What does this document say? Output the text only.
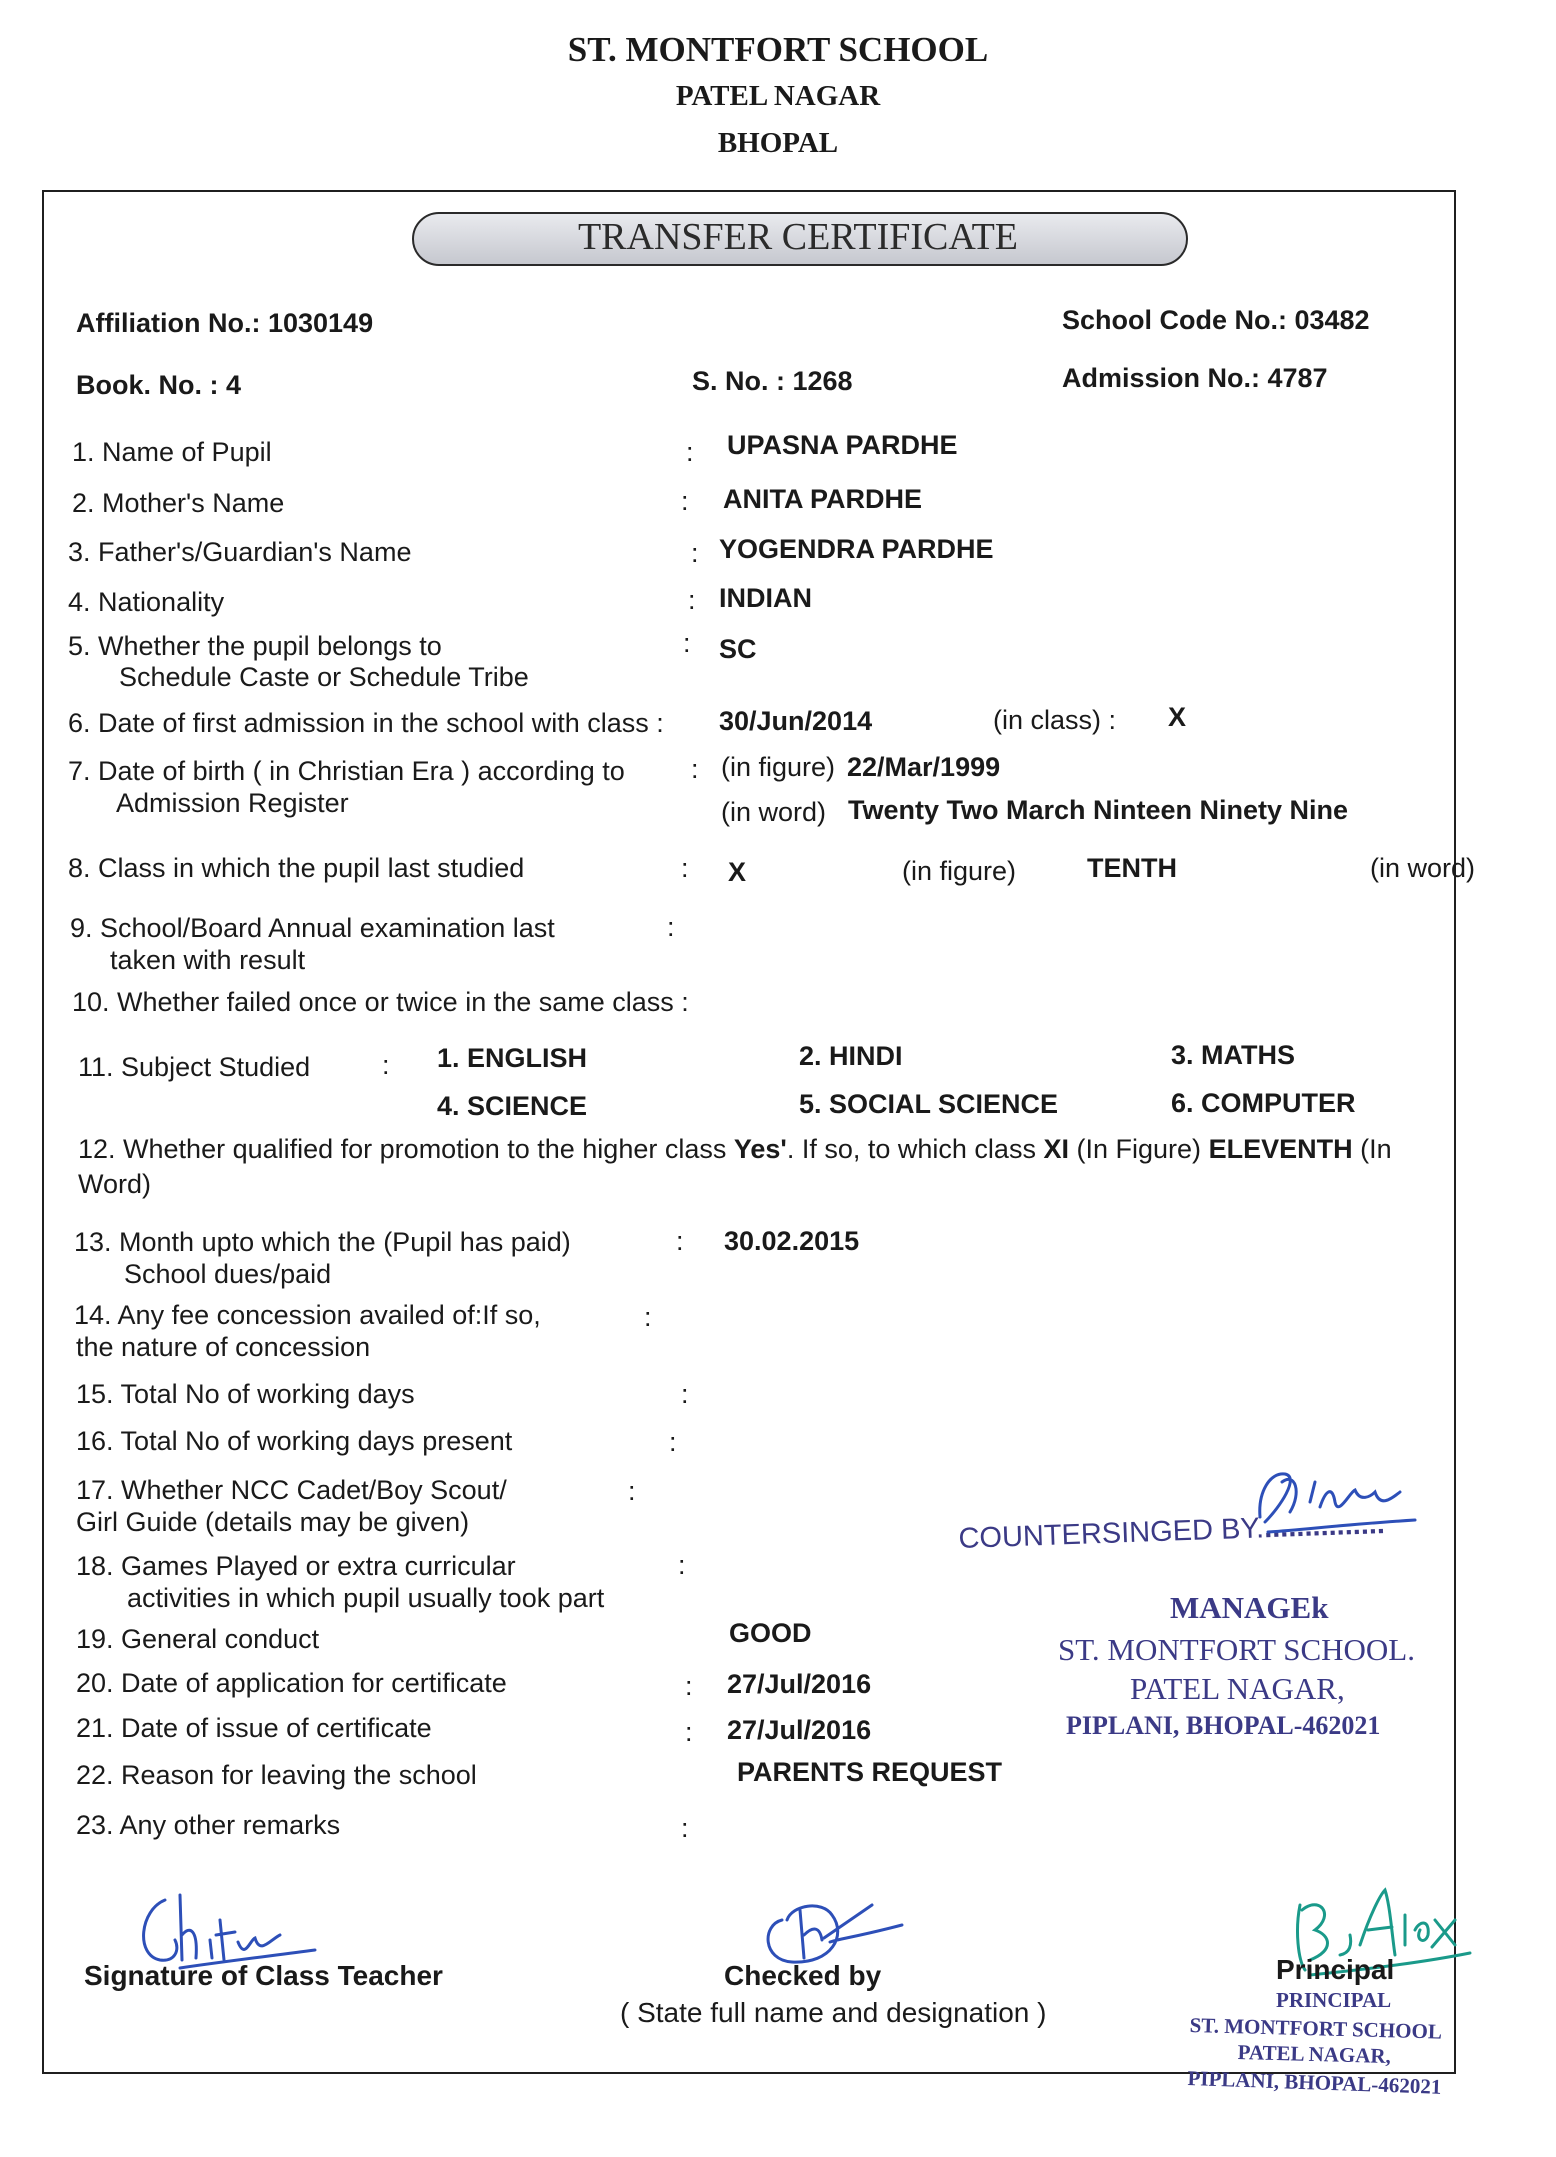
ST. MONTFORT SCHOOL
PATEL NAGAR
BHOPAL
TRANSFER CERTIFICATE
Affiliation No.: 1030149	School Code No.: 03482
Book. No. : 4	S. No. : 1268	Admission No.: 4787
1. Name of Pupil	: UPASNA PARDHE
2. Mother's Name	: ANITA PARDHE
3. Father's/Guardian's Name	: YOGENDRA PARDHE
4. Nationality	: INDIAN
5. Whether the pupil belongs to
Schedule Caste or Schedule Tribe
: SC
6. Date of first admission in the school with class : 30/Jun/2014	(in class) : X
7. Date of birth ( in Christian Era ) according to
Admission Register
: (in figure) 22/Mar/1999
(in word) Twenty Two March Ninteen Ninety Nine
8. Class in which the pupil last studied	: X	(in figure)	TENTH	(in word)
9. School/Board Annual examination last
taken with result
:
10. Whether failed once or twice in the same class :
11. Subject Studied	: 1. ENGLISH	2. HINDI	3. MATHS
4. SCIENCE	5. SOCIAL SCIENCE	6. COMPUTER
12. Whether qualified for promotion to the higher class Yes'. If so, to which class XI (In Figure) ELEVENTH (In
Word)
13. Month upto which the (Pupil has paid)
School dues/paid
: 30.02.2015
14. Any fee concession availed of:If so,
the nature of concession
:
15. Total No of working days	:
16. Total No of working days present	:
17. Whether NCC Cadet/Boy Scout/
Girl Guide (details may be given)
:
18. Games Played or extra curricular
activities in which pupil usually took part
:
19. General conduct	GOOD
20. Date of application for certificate	: 27/Jul/2016
21. Date of issue of certificate	: 27/Jul/2016
22. Reason for leaving the school	PARENTS REQUEST
23. Any other remarks	:
COUNTERSINGED BY................
MANAGEk
ST. MONTFORT SCHOOL.
PATEL NAGAR,
PIPLANI, BHOPAL-462021
Signature of Class Teacher	Checked by
( State full name and designation )
Principal
PRINCIPAL
ST. MONTFORT SCHOOL
PATEL NAGAR,
PIPLANI, BHOPAL-462021
